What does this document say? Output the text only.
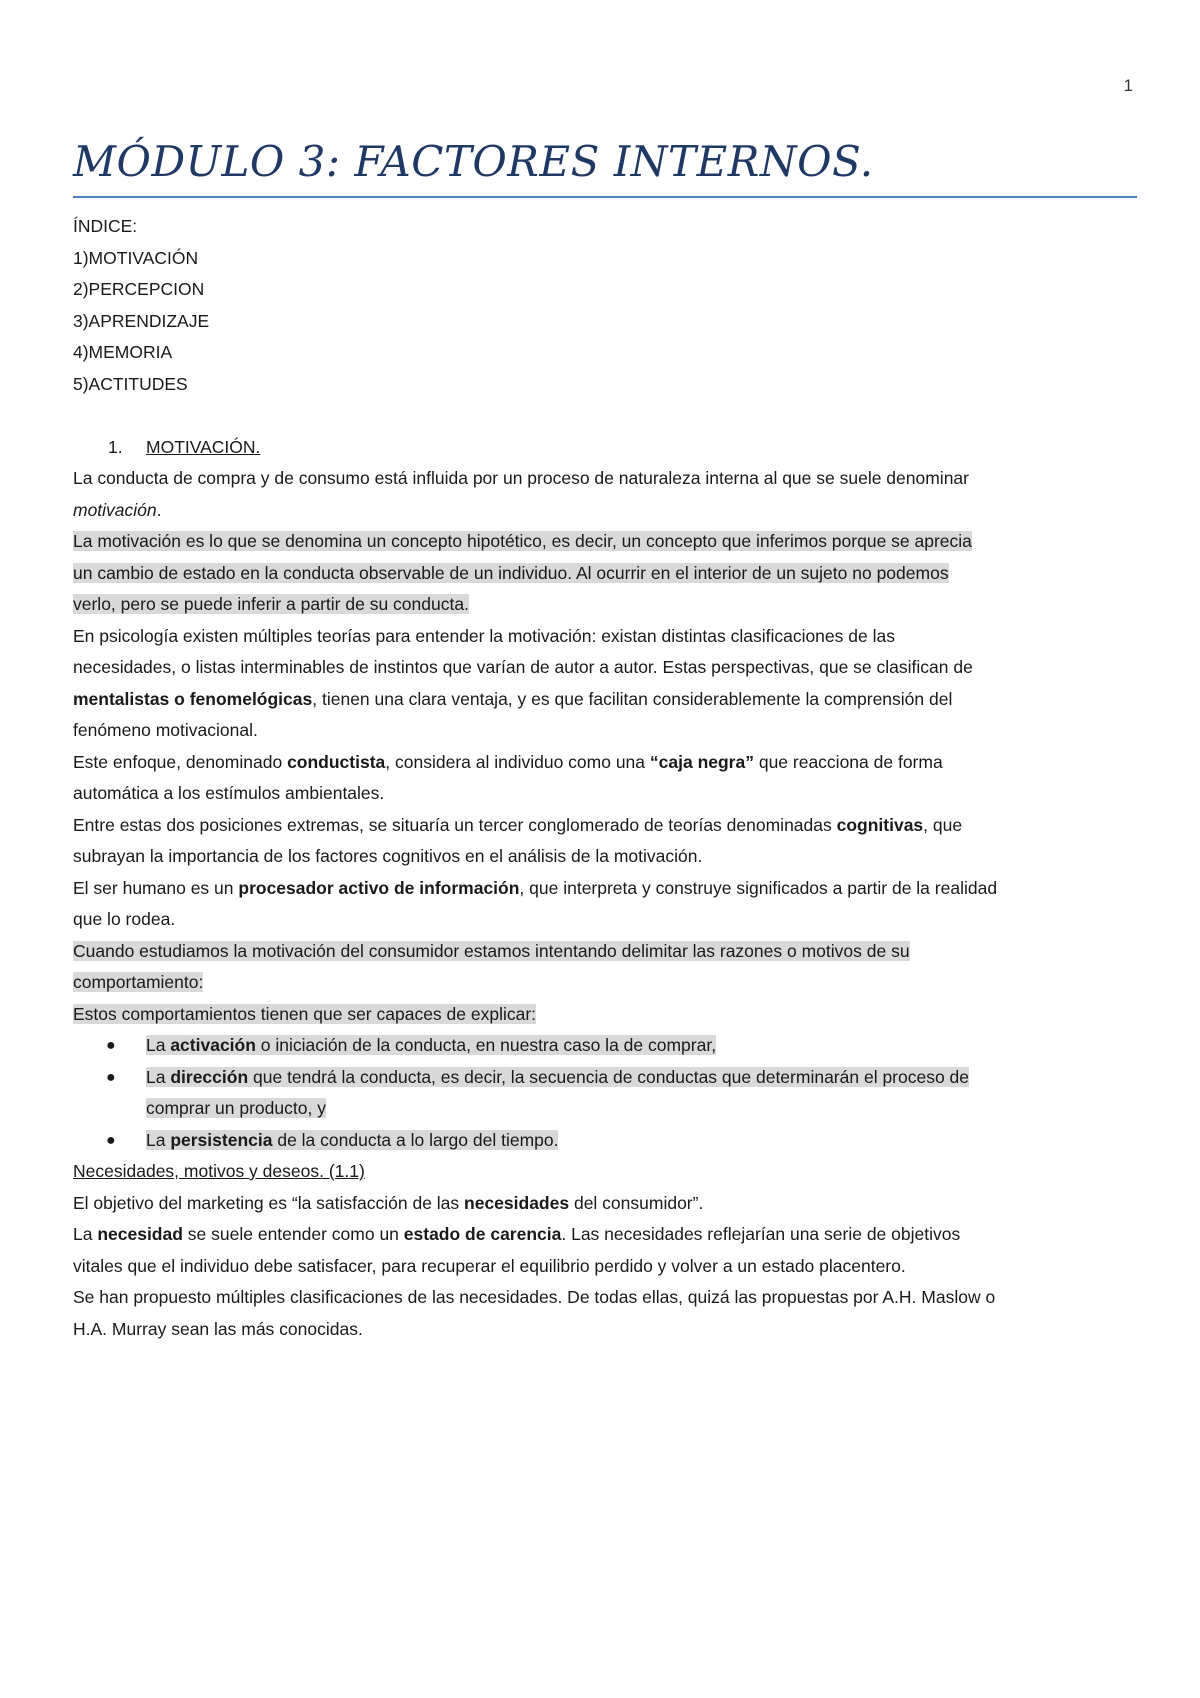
1
MÓDULO 3: FACTORES INTERNOS.

ÍNDICE:

1)MOTIVACIÓN

2)PERCEPCION

3)APRENDIZAJE

4)MEMORIA

5)ACTITUDES

1. MOTIVACIÓN.

La conducta de compra y de consumo está influida por un proceso de naturaleza interna al que se suele denominar

motivación.

La motivación es lo que se denomina un concepto hipotético, es decir, un concepto que inferimos porque se aprecia

un cambio de estado en la conducta observable de un individuo. Al ocurrir en el interior de un sujeto no podemos

verlo, pero se puede inferir a partir de su conducta.

En psicología existen múltiples teorías para entender la motivación: existan distintas clasificaciones de las

necesidades, o listas interminables de instintos que varían de autor a autor. Estas perspectivas, que se clasifican de

mentalistas o fenomelógicas, tienen una clara ventaja, y es que facilitan considerablemente la comprensión del

fenómeno motivacional.

Este enfoque, denominado conductista, considera al individuo como una “caja negra” que reacciona de forma

automática a los estímulos ambientales.

Entre estas dos posiciones extremas, se situaría un tercer conglomerado de teorías denominadas cognitivas, que

subrayan la importancia de los factores cognitivos en el análisis de la motivación.

El ser humano es un procesador activo de información, que interpreta y construye significados a partir de la realidad

que lo rodea.

Cuando estudiamos la motivación del consumidor estamos intentando delimitar las razones o motivos de su

comportamiento:

Estos comportamientos tienen que ser capaces de explicar:

● La activación o iniciación de la conducta, en nuestra caso la de comprar,

● La dirección que tendrá la conducta, es decir, la secuencia de conductas que determinarán el proceso de

comprar un producto, y

● La persistencia de la conducta a lo largo del tiempo.

Necesidades, motivos y deseos. (1.1)

El objetivo del marketing es “la satisfacción de las necesidades del consumidor”.

La necesidad se suele entender como un estado de carencia. Las necesidades reflejarían una serie de objetivos

vitales que el individuo debe satisfacer, para recuperar el equilibrio perdido y volver a un estado placentero.

Se han propuesto múltiples clasificaciones de las necesidades. De todas ellas, quizá las propuestas por A.H. Maslow o

H.A. Murray sean las más conocidas.
